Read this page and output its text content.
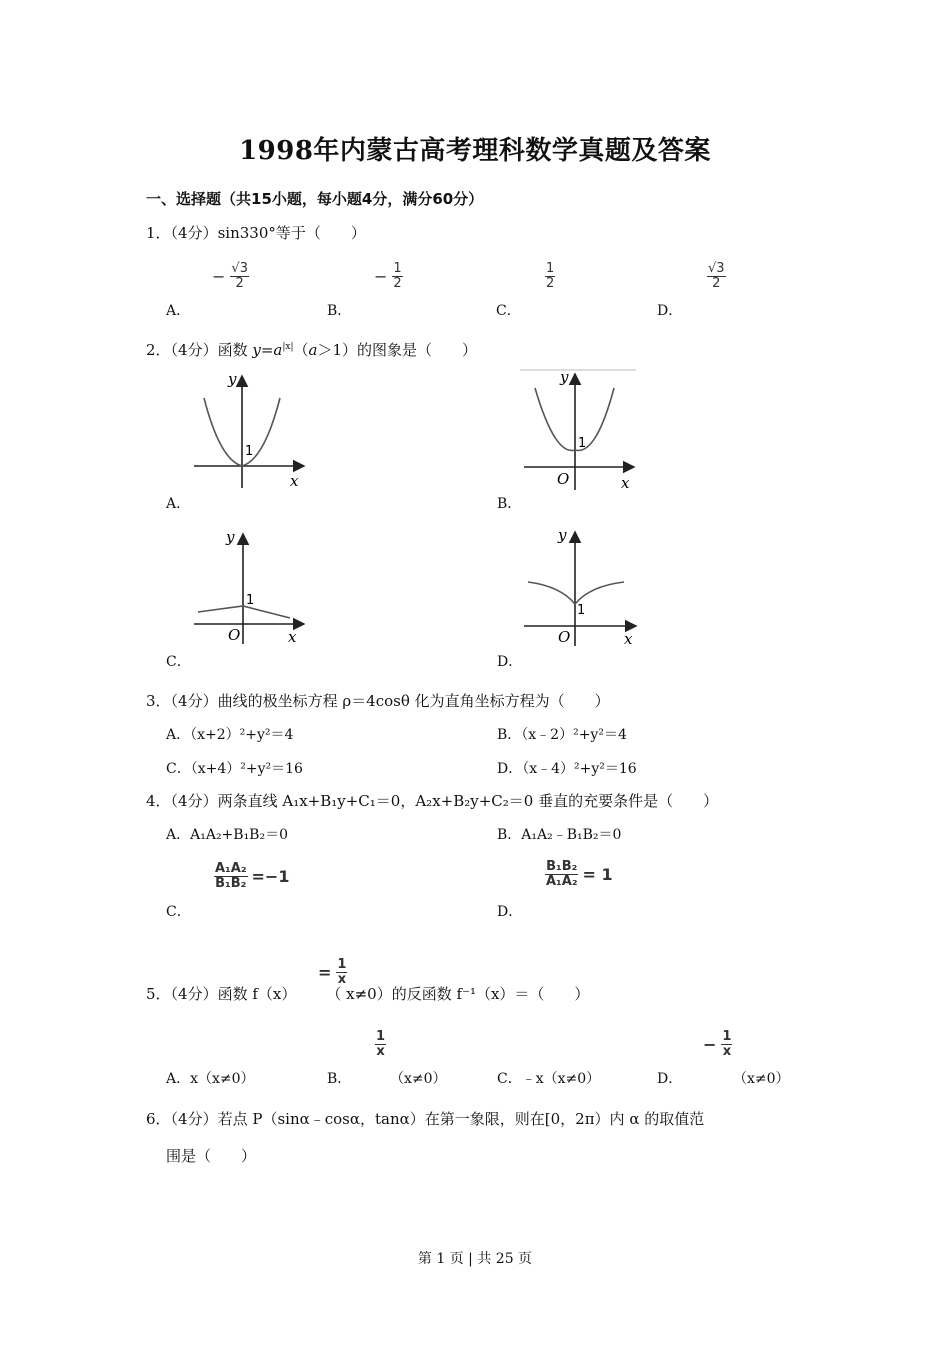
1998年内蒙古高考理科数学真题及答案
一、选择题（共15小题，每小题4分，满分60分）
1．（4分）sin330°等于（　　）
− $\frac{√3}{2}$
A．
− $\frac{1}{2}$
B．
$\frac{1}{2}$
C．
$\frac{√3}{2}$
D．
2．（4分）函数 $y=a^{|x|}(a>1)$的图象是（　　）
y
x
1
A．
y
x
1
O
B．
y
x
1
O
C．
y
x
1
O
D．
3．（4分）曲线的极坐标方程 ρ＝4cosθ 化为直角坐标方程为（　　）
A．（x+2）²+y²＝4	B．（x﹣2）²+y²＝4
C．（x+4）²+y²＝16	D．（x﹣4）²+y²＝16
4．（4分）两条直线 A₁x+B₁y+C₁＝0，A₂x+B₂y+C₂＝0 垂直的充要条件是（　　）
A．A₁A₂+B₁B₂＝0	B．A₁A₂﹣B₁B₂＝0
$\frac{\text{A₁A₂}}{\text{B₁B₂}} =-1$
C．
$\frac{\text{B₁B₂}}{\text{A₁A₂}} = 1$
D．
= $\frac{1}{x}$
5．（4分）函数 f（x） （ x≠0）的反函数 f⁻¹（x）＝（　　）
$\frac{1}{x}$	− $\frac{1}{x}$
A．x（x≠0）	B．	（x≠0）	C．﹣x（x≠0）	D．	（x≠0）
6．（4分）若点 P（sinα﹣cosα，tanα）在第一象限，则在[0，2π）内 α 的取值范
围是（　　）
第 1 页 | 共 25 页
